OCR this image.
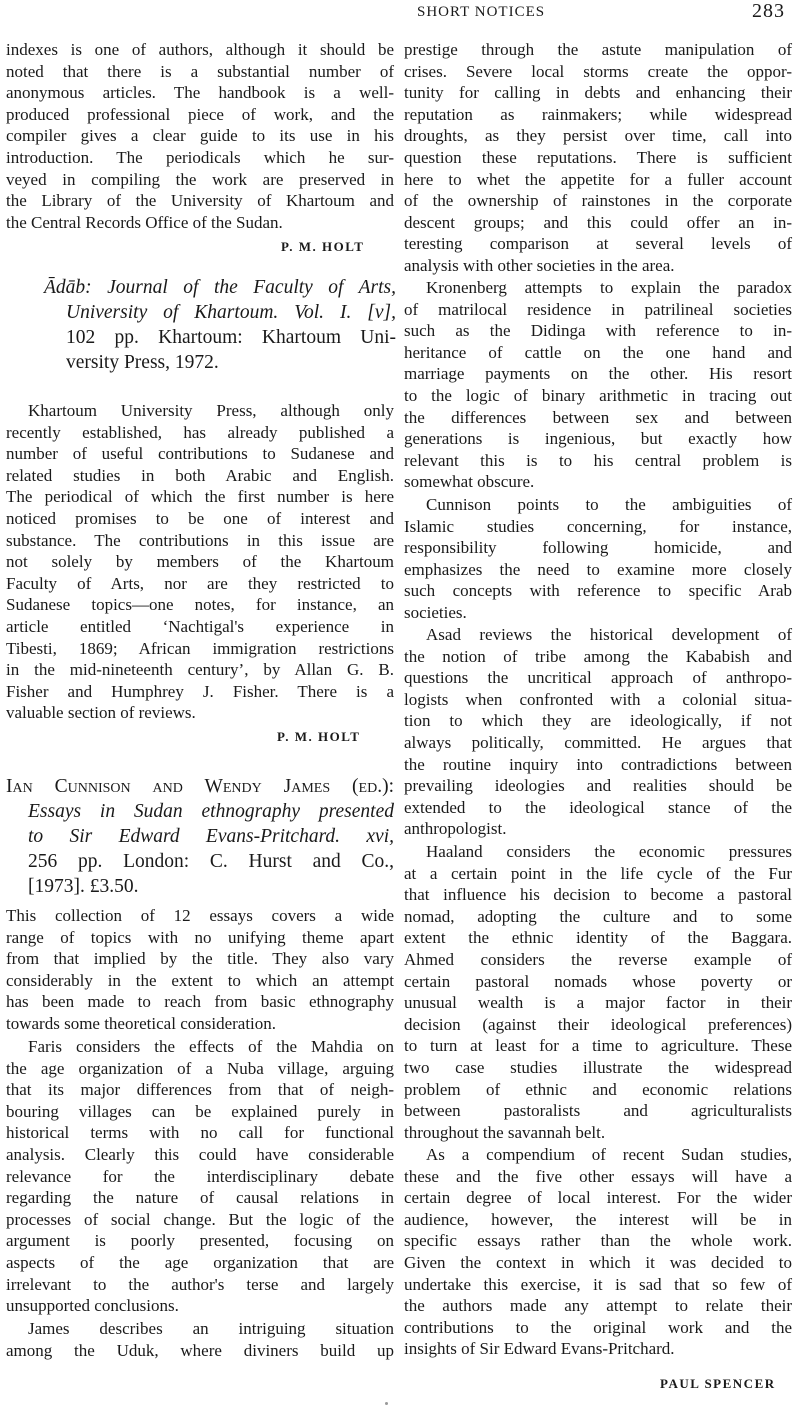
SHORT NOTICES	283
indexes is one of authors, although it should be
noted that there is a substantial number of
anonymous articles. The handbook is a well-
produced professional piece of work, and the
compiler gives a clear guide to its use in his
introduction. The periodicals which he sur-
veyed in compiling the work are preserved in
the Library of the University of Khartoum and
the Central Records Office of the Sudan.
P. M. HOLT
Ādāb: Journal of the Faculty of Arts,
University of Khartoum. Vol. I. [v],
102 pp. Khartoum: Khartoum Uni-
versity Press, 1972.
Khartoum University Press, although only
recently established, has already published a
number of useful contributions to Sudanese and
related studies in both Arabic and English.
The periodical of which the first number is here
noticed promises to be one of interest and
substance. The contributions in this issue are
not solely by members of the Khartoum
Faculty of Arts, nor are they restricted to
Sudanese topics—one notes, for instance, an
article entitled ‘Nachtigal's experience in
Tibesti, 1869; African immigration restrictions
in the mid-nineteenth century’, by Allan G. B.
Fisher and Humphrey J. Fisher. There is a
valuable section of reviews.
P. M. HOLT
Ian Cunnison and Wendy James (ed.):
Essays in Sudan ethnography presented
to Sir Edward Evans-Pritchard. xvi,
256 pp. London: C. Hurst and Co.,
[1973]. £3.50.
This collection of 12 essays covers a wide
range of topics with no unifying theme apart
from that implied by the title. They also vary
considerably in the extent to which an attempt
has been made to reach from basic ethnography
towards some theoretical consideration.
Faris considers the effects of the Mahdia on
the age organization of a Nuba village, arguing
that its major differences from that of neigh-
bouring villages can be explained purely in
historical terms with no call for functional
analysis. Clearly this could have considerable
relevance for the interdisciplinary debate
regarding the nature of causal relations in
processes of social change. But the logic of the
argument is poorly presented, focusing on
aspects of the age organization that are
irrelevant to the author's terse and largely
unsupported conclusions.
James describes an intriguing situation
among the Uduk, where diviners build up
prestige through the astute manipulation of
crises. Severe local storms create the oppor-
tunity for calling in debts and enhancing their
reputation as rainmakers; while widespread
droughts, as they persist over time, call into
question these reputations. There is sufficient
here to whet the appetite for a fuller account
of the ownership of rainstones in the corporate
descent groups; and this could offer an in-
teresting comparison at several levels of
analysis with other societies in the area.
Kronenberg attempts to explain the paradox
of matrilocal residence in patrilineal societies
such as the Didinga with reference to in-
heritance of cattle on the one hand and
marriage payments on the other. His resort
to the logic of binary arithmetic in tracing out
the differences between sex and between
generations is ingenious, but exactly how
relevant this is to his central problem is
somewhat obscure.
Cunnison points to the ambiguities of
Islamic studies concerning, for instance,
responsibility following homicide, and
emphasizes the need to examine more closely
such concepts with reference to specific Arab
societies.
Asad reviews the historical development of
the notion of tribe among the Kababish and
questions the uncritical approach of anthropo-
logists when confronted with a colonial situa-
tion to which they are ideologically, if not
always politically, committed. He argues that
the routine inquiry into contradictions between
prevailing ideologies and realities should be
extended to the ideological stance of the
anthropologist.
Haaland considers the economic pressures
at a certain point in the life cycle of the Fur
that influence his decision to become a pastoral
nomad, adopting the culture and to some
extent the ethnic identity of the Baggara.
Ahmed considers the reverse example of
certain pastoral nomads whose poverty or
unusual wealth is a major factor in their
decision (against their ideological preferences)
to turn at least for a time to agriculture. These
two case studies illustrate the widespread
problem of ethnic and economic relations
between pastoralists and agriculturalists
throughout the savannah belt.
As a compendium of recent Sudan studies,
these and the five other essays will have a
certain degree of local interest. For the wider
audience, however, the interest will be in
specific essays rather than the whole work.
Given the context in which it was decided to
undertake this exercise, it is sad that so few of
the authors made any attempt to relate their
contributions to the original work and the
insights of Sir Edward Evans-Pritchard.
PAUL SPENCER
